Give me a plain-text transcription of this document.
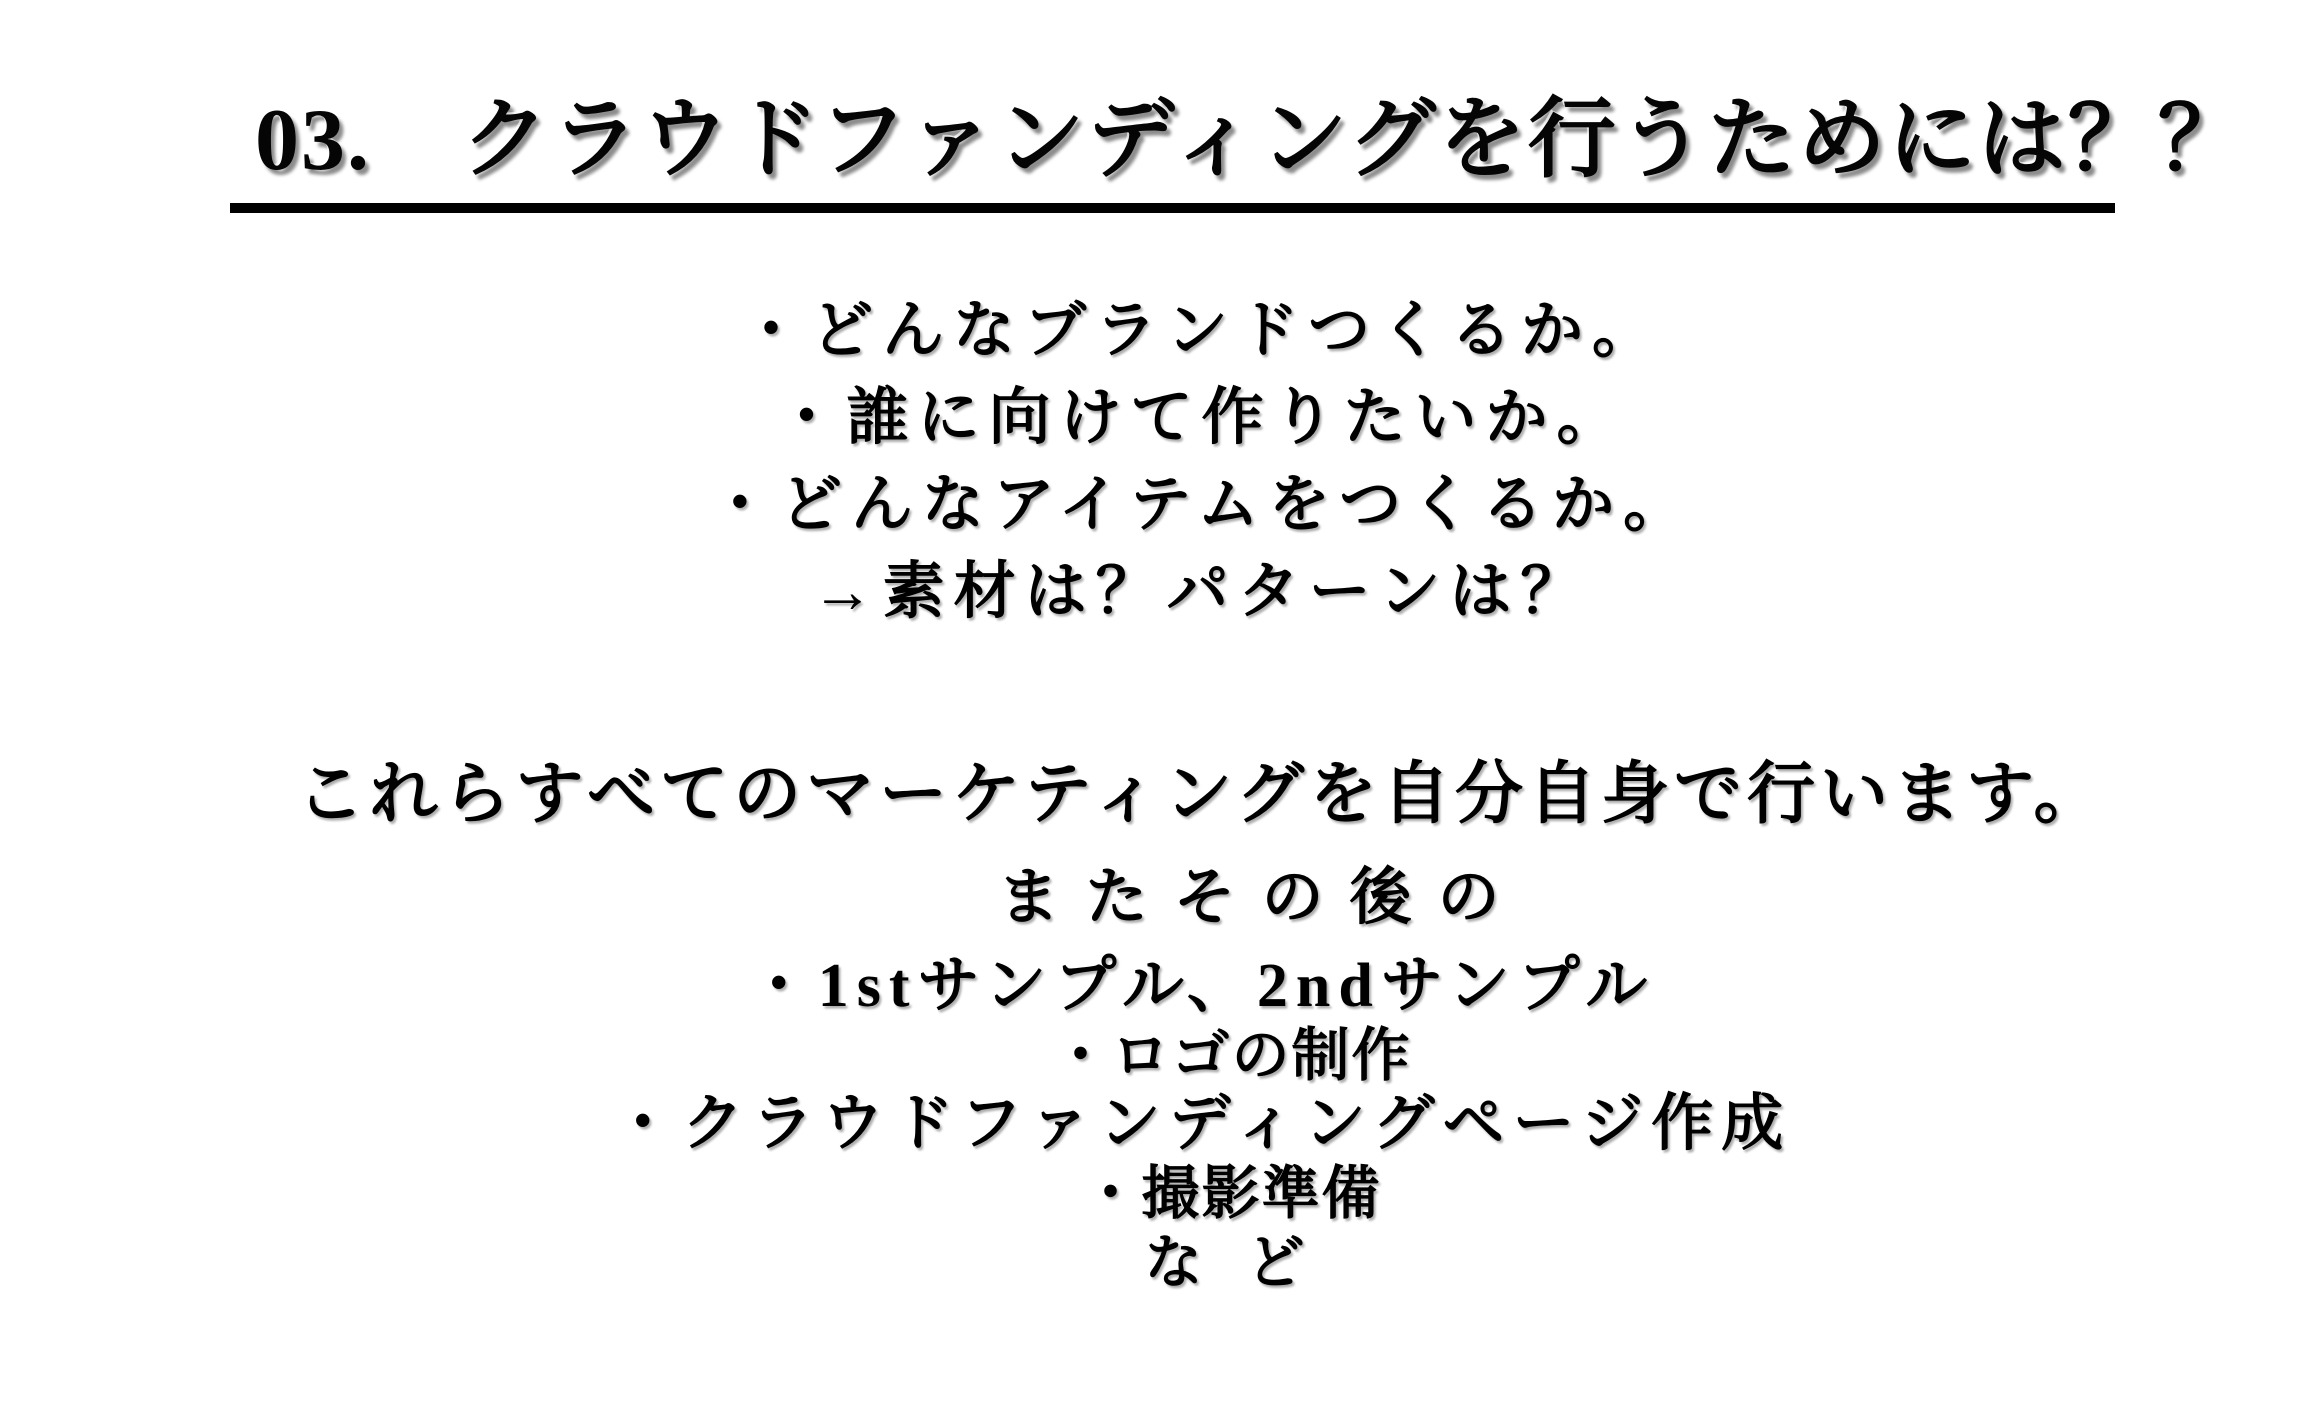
03.　クラウドファンディングを行うためには？？
・どんなブランドつくるか。
・誰に向けて作りたいか。
・どんなアイテムをつくるか。
→素材は？パターンは？
これらすべてのマーケティングを自分自身で行います。
またその後の
・1stサンプル、2ndサンプル
・ロゴの制作
・クラウドファンディングページ作成
・撮影準備
など
